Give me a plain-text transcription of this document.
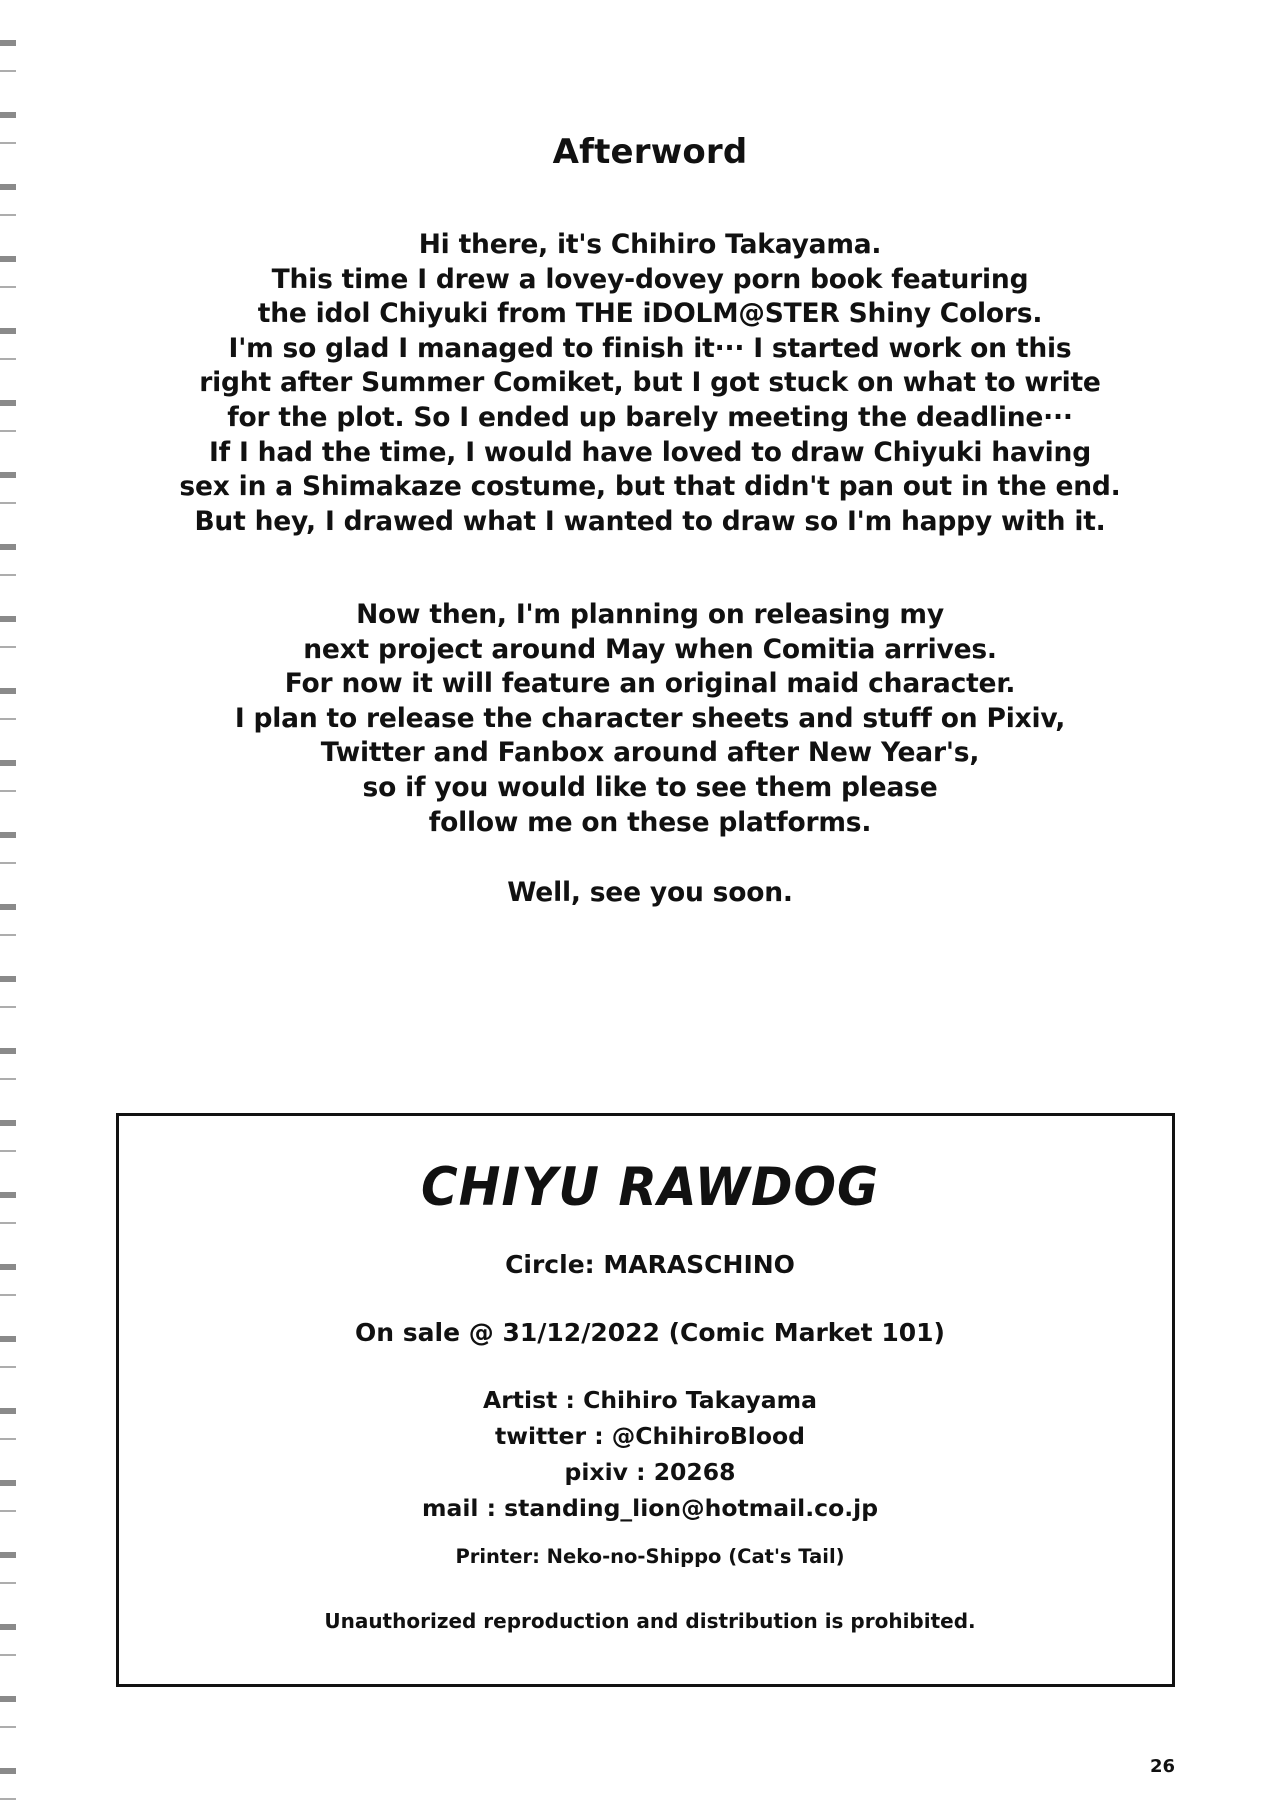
Afterword
Hi there, it's Chihiro Takayama.
This time I drew a lovey-dovey porn book featuring
the idol Chiyuki from THE iDOLM@STER Shiny Colors.
I'm so glad I managed to finish it··· I started work on this
right after Summer Comiket, but I got stuck on what to write
for the plot. So I ended up barely meeting the deadline···
If I had the time, I would have loved to draw Chiyuki having
sex in a Shimakaze costume, but that didn't pan out in the end.
But hey, I drawed what I wanted to draw so I'm happy with it.
Now then, I'm planning on releasing my
next project around May when Comitia arrives.
For now it will feature an original maid character.
I plan to release the character sheets and stuff on Pixiv,
Twitter and Fanbox around after New Year's,
so if you would like to see them please
follow me on these platforms.
Well, see you soon.
CHIYU RAWDOG
Circle: MARASCHINO
On sale @ 31/12/2022 (Comic Market 101)
Artist : Chihiro Takayama
twitter : @ChihiroBlood
pixiv : 20268
mail : standing_lion@hotmail.co.jp
Printer: Neko-no-Shippo (Cat's Tail)
Unauthorized reproduction and distribution is prohibited.
26
